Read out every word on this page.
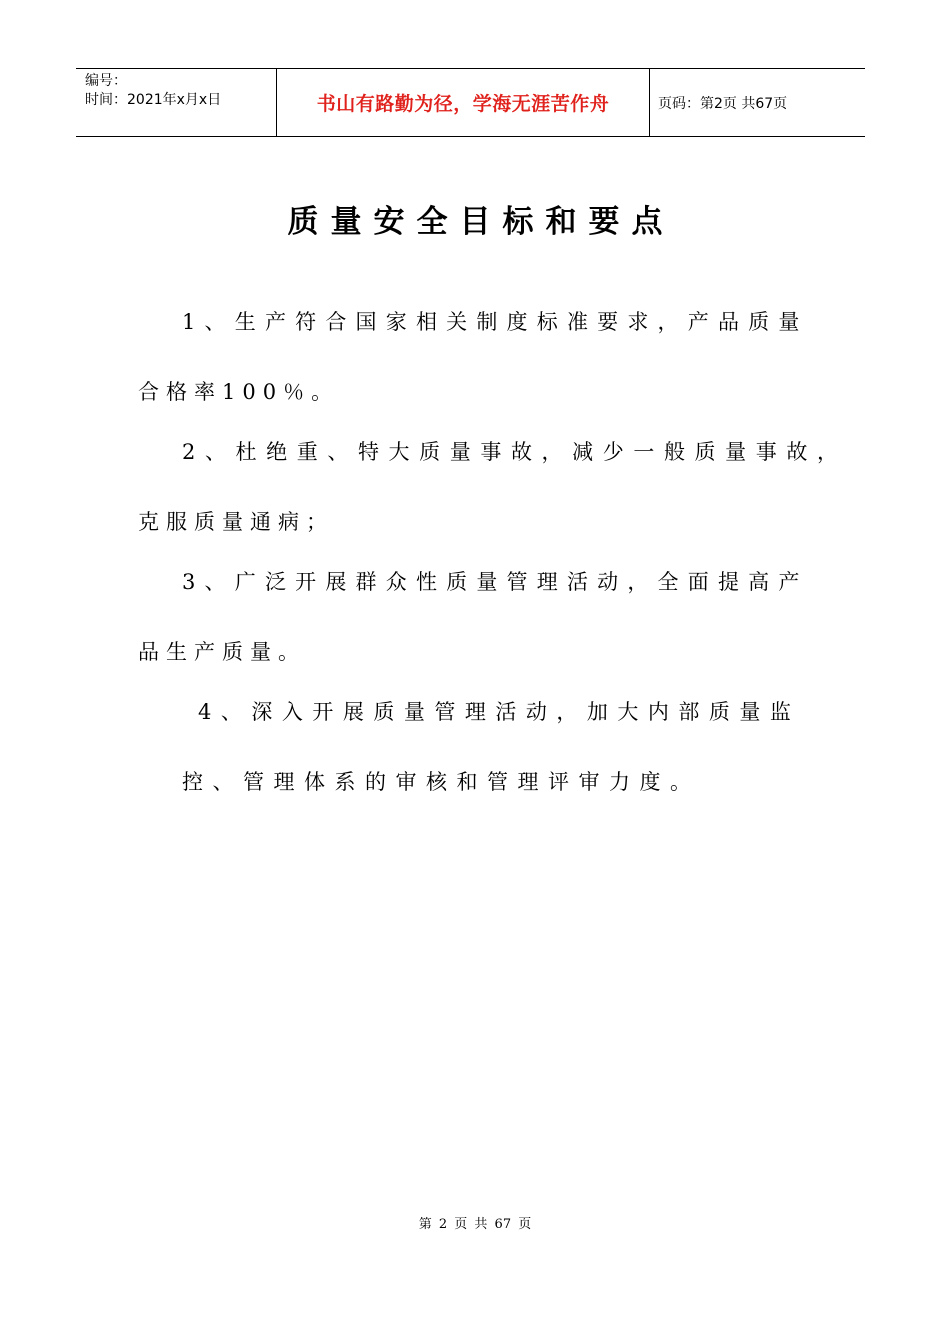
编号：
时间：2021年x月x日	书山有路勤为径，学海无涯苦作舟	页码：第2页 共67页
质量安全目标和要点
1、生产符合国家相关制度标准要求，产品质量
合格率100％。
2、杜绝重、特大质量事故，减少一般质量事故，
克服质量通病；
3、广泛开展群众性质量管理活动，全面提高产
品生产质量。
4、深入开展质量管理活动，加大内部质量监
控、管理体系的审核和管理评审力度。
第 2 页 共 67 页
